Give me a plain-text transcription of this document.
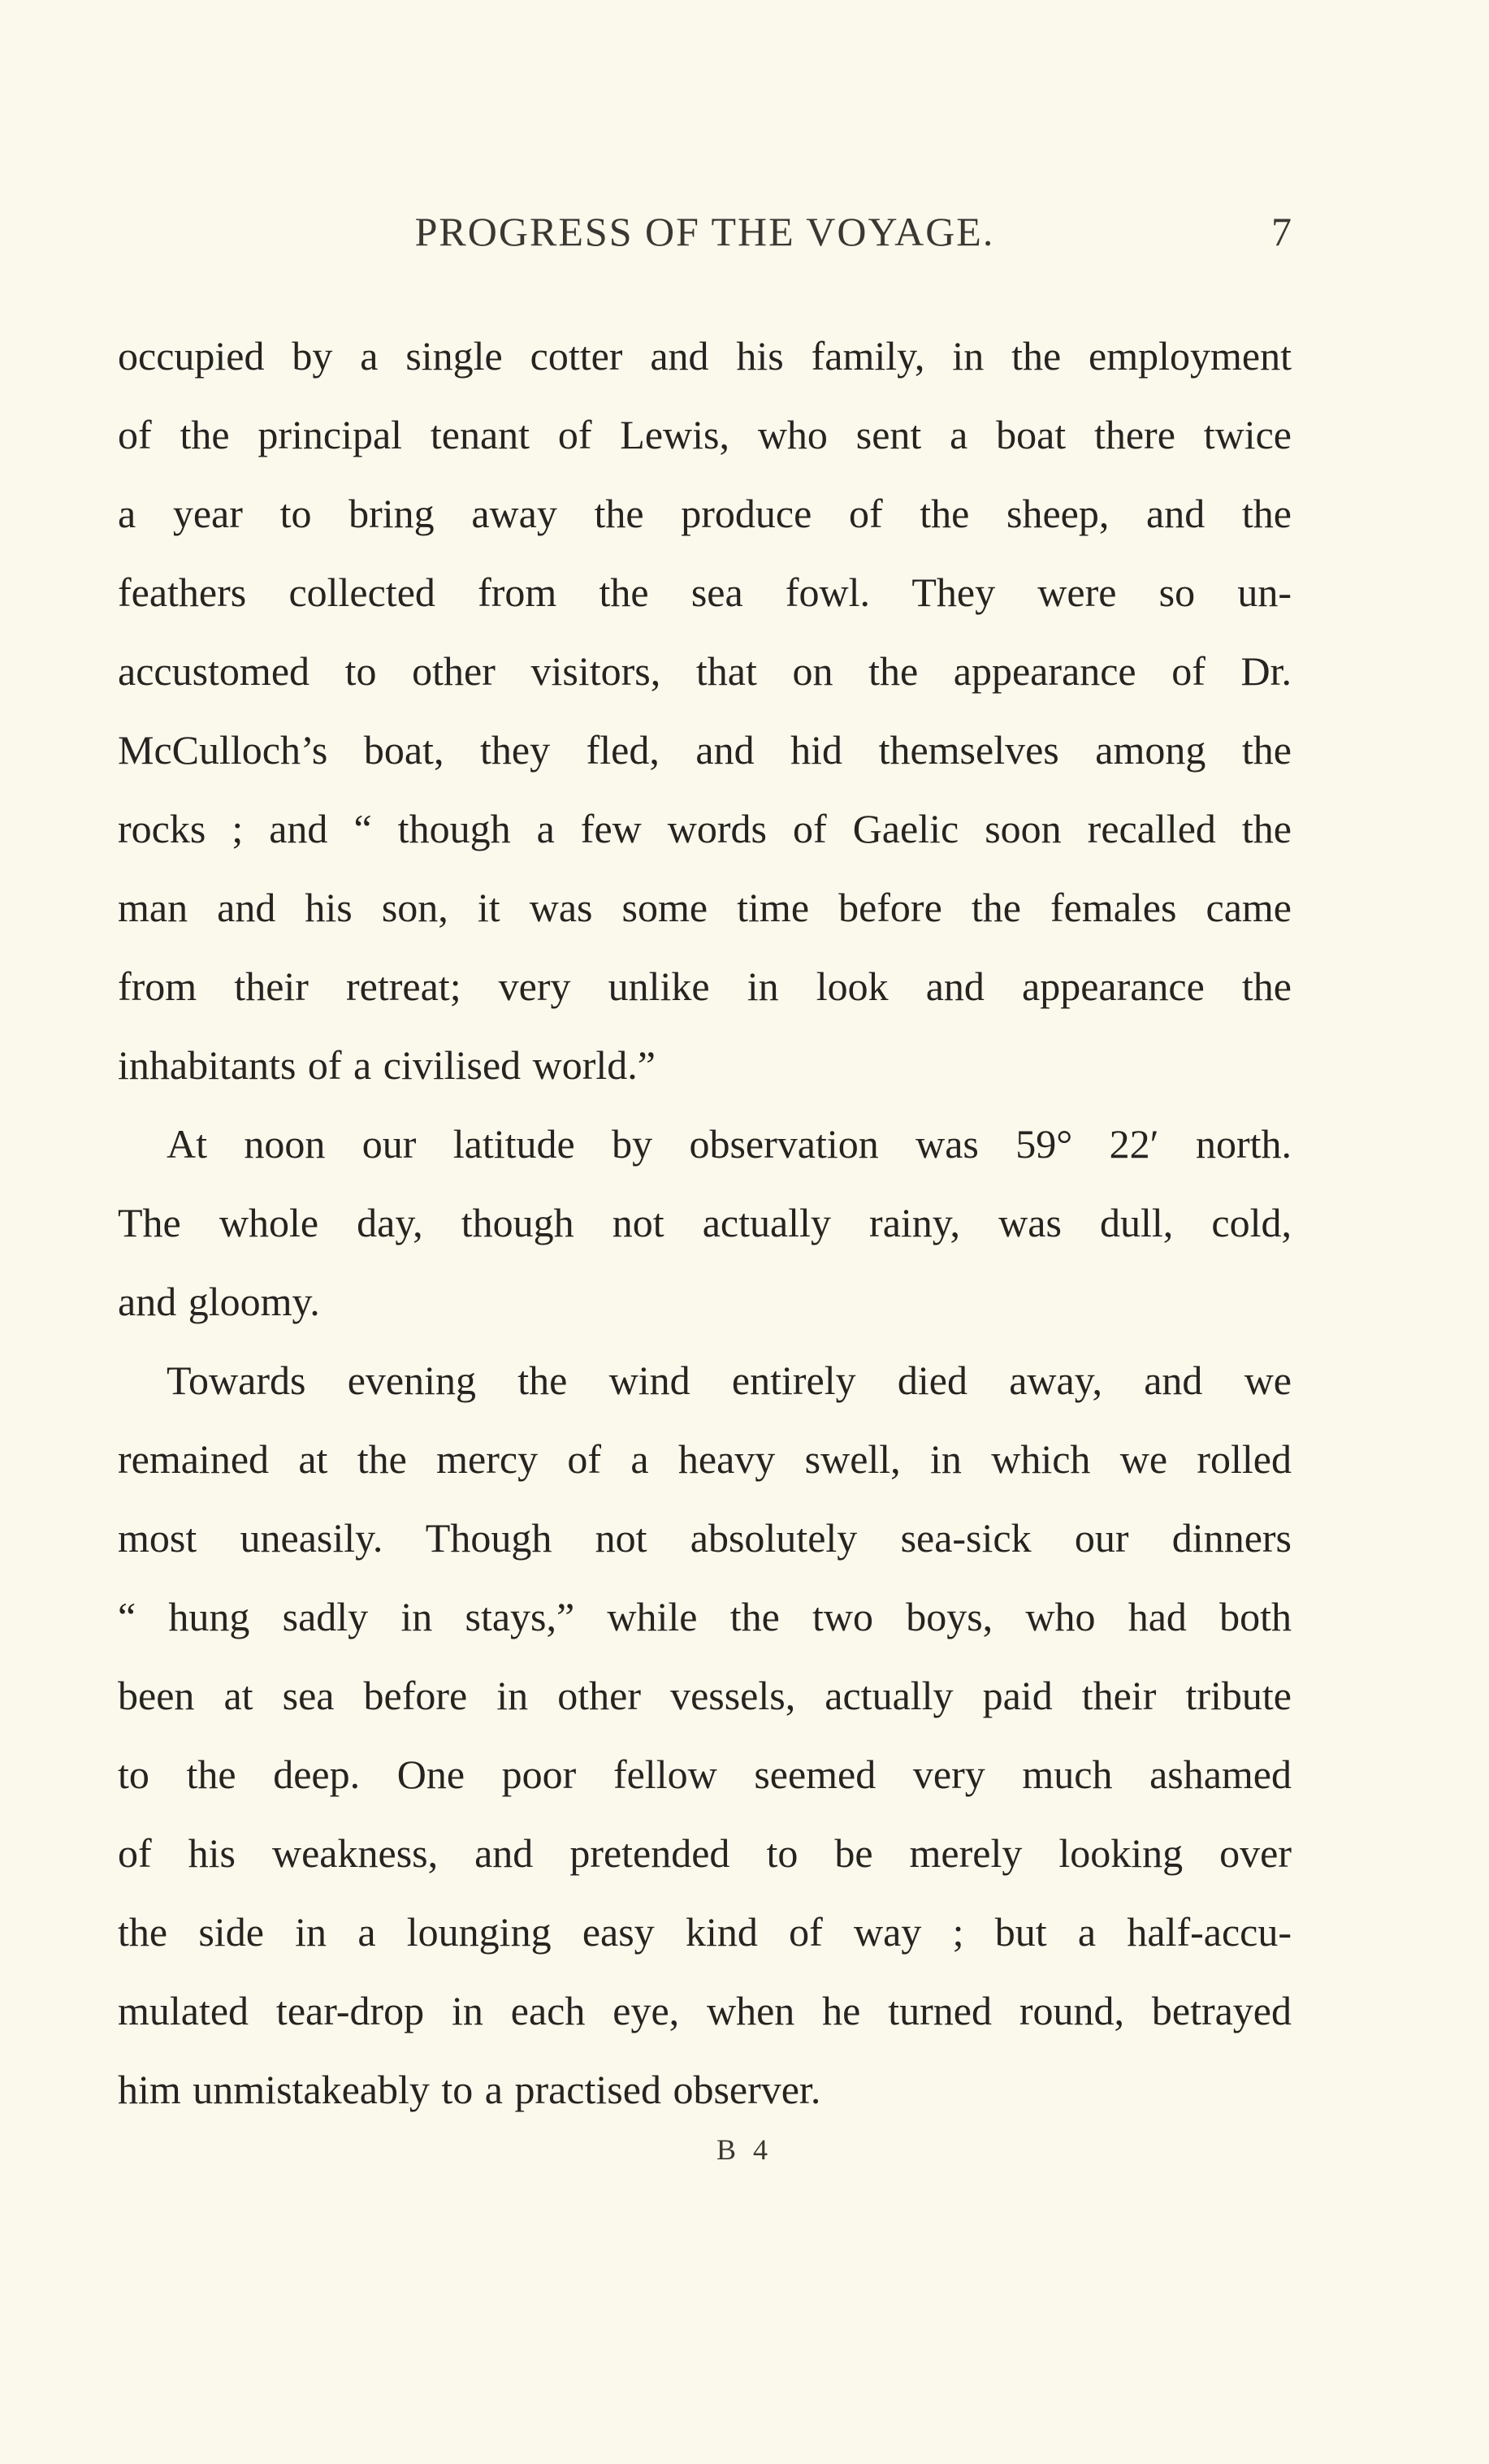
PROGRESS OF THE VOYAGE.	7
occupied by a single cotter and his family, in the employment
of the principal tenant of Lewis, who sent a boat there twice
a year to bring away the produce of the sheep, and the
feathers collected from the sea fowl. They were so un-
accustomed to other visitors, that on the appearance of Dr.
McCulloch’s boat, they fled, and hid themselves among the
rocks ; and “ though a few words of Gaelic soon recalled the
man and his son, it was some time before the females came
from their retreat; very unlike in look and appearance the
inhabitants of a civilised world.”
At noon our latitude by observation was 59° 22′ north.
The whole day, though not actually rainy, was dull, cold,
and gloomy.
Towards evening the wind entirely died away, and we
remained at the mercy of a heavy swell, in which we rolled
most uneasily. Though not absolutely sea-sick our dinners
“ hung sadly in stays,” while the two boys, who had both
been at sea before in other vessels, actually paid their tribute
to the deep. One poor fellow seemed very much ashamed
of his weakness, and pretended to be merely looking over
the side in a lounging easy kind of way ; but a half-accu-
mulated tear-drop in each eye, when he turned round, betrayed
him unmistakeably to a practised observer.
B 4
